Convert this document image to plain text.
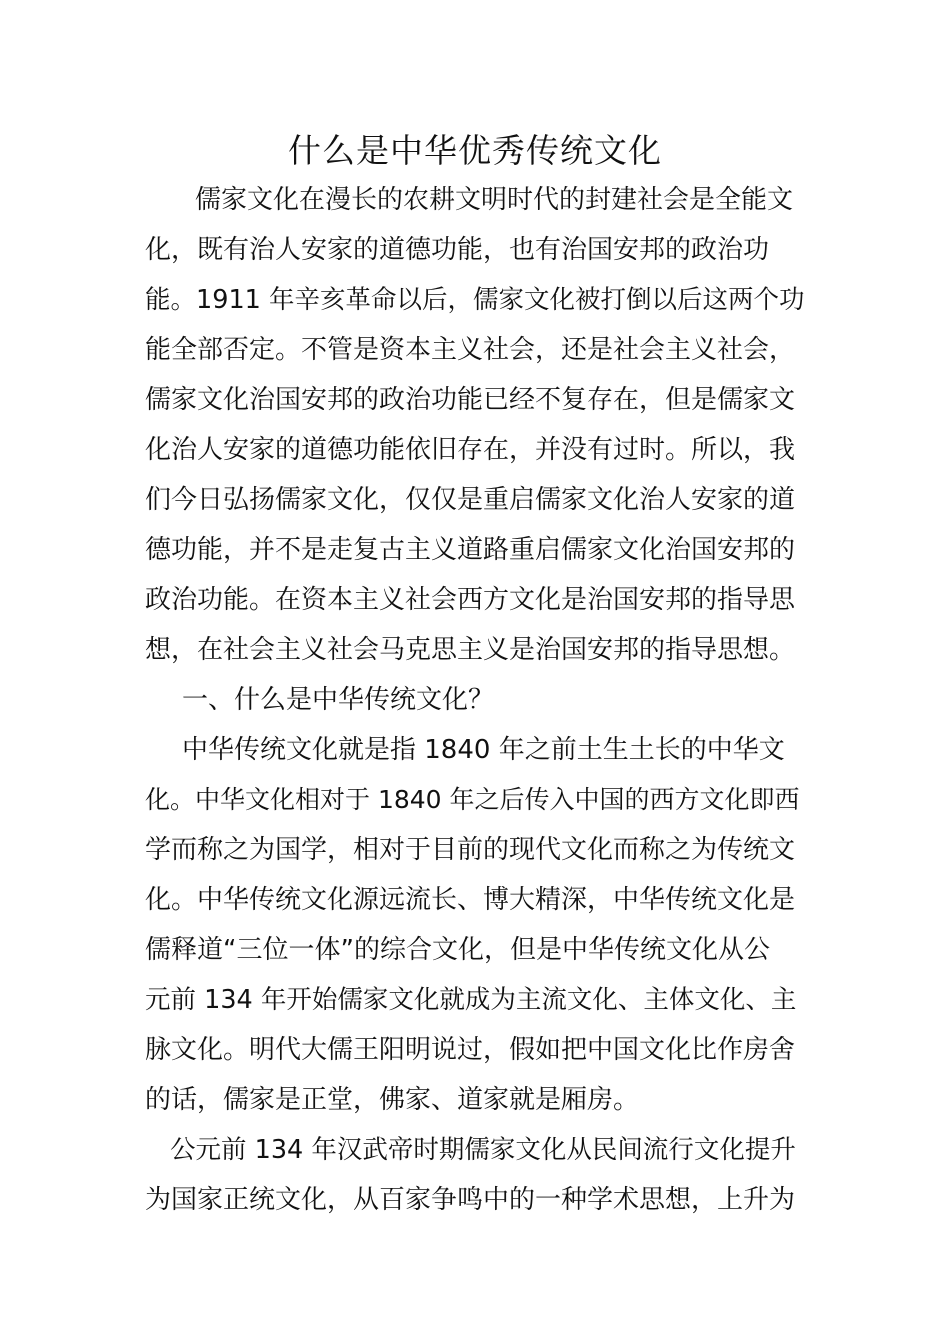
什么是中华优秀传统文化
儒家文化在漫长的农耕文明时代的封建社会是全能文
化，既有治人安家的道德功能，也有治国安邦的政治功
能。1911 年辛亥革命以后，儒家文化被打倒以后这两个功
能全部否定。不管是资本主义社会，还是社会主义社会，
儒家文化治国安邦的政治功能已经不复存在，但是儒家文
化治人安家的道德功能依旧存在，并没有过时。所以，我
们今日弘扬儒家文化，仅仅是重启儒家文化治人安家的道
德功能，并不是走复古主义道路重启儒家文化治国安邦的
政治功能。在资本主义社会西方文化是治国安邦的指导思
想，在社会主义社会马克思主义是治国安邦的指导思想。
一、什么是中华传统文化？
中华传统文化就是指 1840 年之前土生土长的中华文
化。中华文化相对于 1840 年之后传入中国的西方文化即西
学而称之为国学，相对于目前的现代文化而称之为传统文
化。中华传统文化源远流长、博大精深，中华传统文化是
儒释道“三位一体”的综合文化，但是中华传统文化从公
元前 134 年开始儒家文化就成为主流文化、主体文化、主
脉文化。明代大儒王阳明说过，假如把中国文化比作房舍
的话，儒家是正堂，佛家、道家就是厢房。
公元前 134 年汉武帝时期儒家文化从民间流行文化提升
为国家正统文化，从百家争鸣中的一种学术思想，上升为
